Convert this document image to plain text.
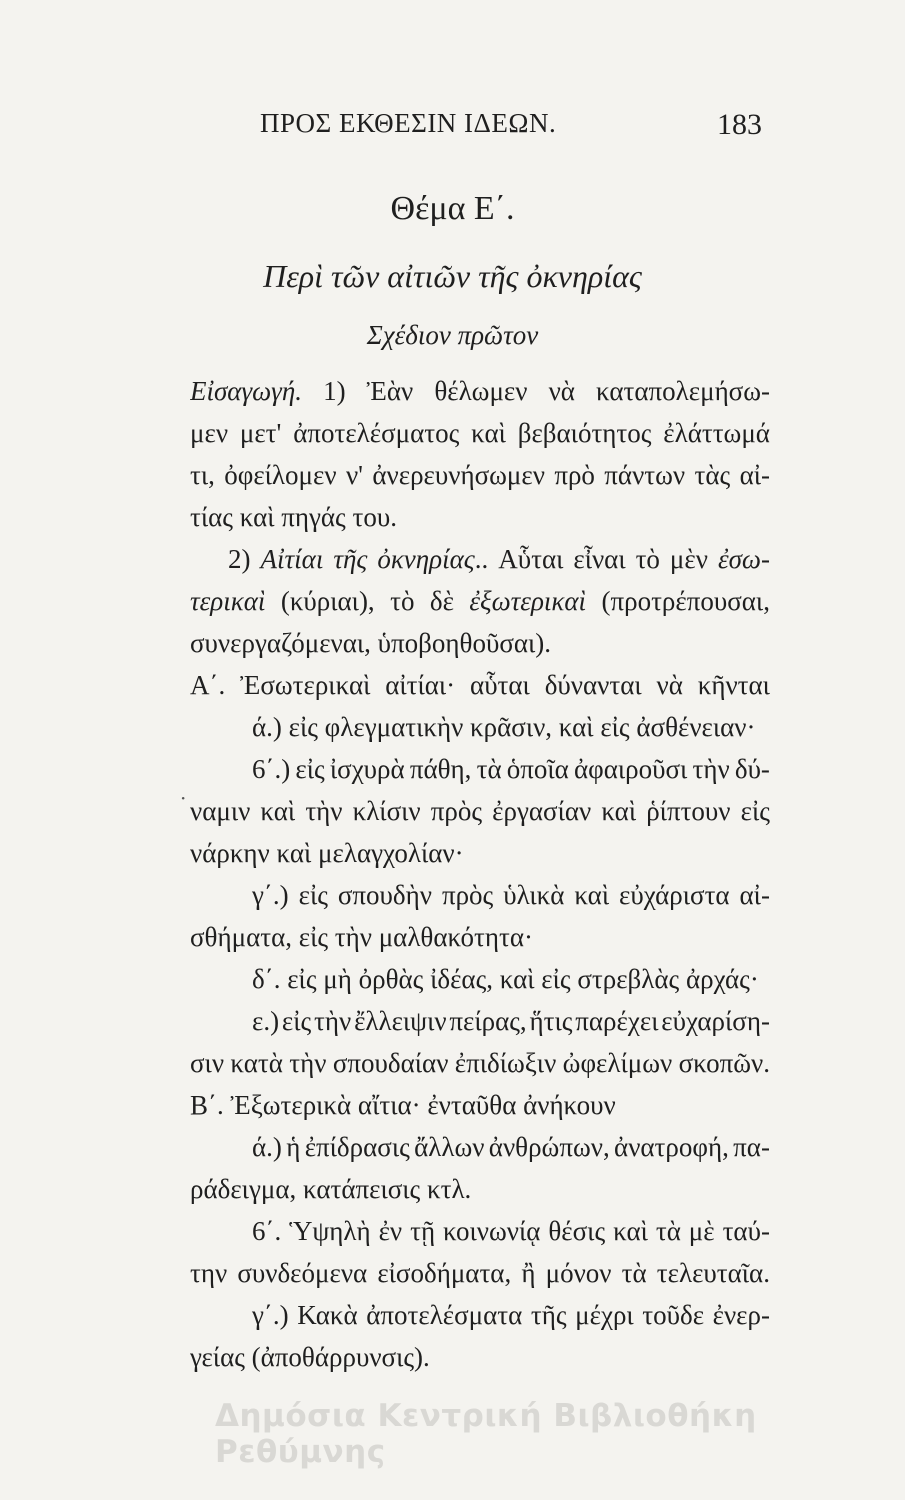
ΠΡΟΣ ΕΚΘΕΣΙΝ ΙΔΕΩΝ.	183
Θέμα Ε΄.
Περὶ τῶν αἰτιῶν τῆς ὀκνηρίας
Σχέδιον πρῶτον
Εἰσαγωγή. 1) Ἐὰν θέλωμεν νὰ καταπολεμήσω-
μεν μετ' ἀποτελέσματος καὶ βεβαιότητος ἐλάττωμά
τι, ὀφείλομεν ν' ἀνερευνήσωμεν πρὸ πάντων τὰς αἰ-
τίας καὶ πηγάς του.
2) Αἰτίαι τῆς ὀκνηρίας.. Αὗται εἶναι τὸ μὲν ἐσω-
τερικαὶ (κύριαι), τὸ δὲ ἐξωτερικαὶ (προτρέπουσαι,
συνεργαζόμεναι, ὑποβοηθοῦσαι).
Α΄. Ἐσωτερικαὶ αἰτίαι· αὗται δύνανται νὰ κῆνται
ά.) εἰς φλεγματικὴν κρᾶσιν, καὶ εἰς ἀσθένειαν·
6΄.) εἰς ἰσχυρὰ πάθη, τὰ ὁποῖα ἀφαιροῦσι τὴν δύ-
ναμιν καὶ τὴν κλίσιν πρὸς ἐργασίαν καὶ ῥίπτουν εἰς
νάρκην καὶ μελαγχολίαν·
γ΄.) εἰς σπουδὴν πρὸς ὑλικὰ καὶ εὐχάριστα αἰ-
σθήματα, εἰς τὴν μαλθακότητα·
δ΄. εἰς μὴ ὀρθὰς ἰδέας, καὶ εἰς στρεβλὰς ἀρχάς·
ε.) εἰς τὴν ἔλλειψιν πείρας, ἥτις παρέχει εὐχαρίση-
σιν κατὰ τὴν σπουδαίαν ἐπιδίωξιν ὠφελίμων σκοπῶν.
Β΄. Ἐξωτερικὰ αἴτια· ἐνταῦθα ἀνήκουν
ά.) ἡ ἐπίδρασις ἄλλων ἀνθρώπων, ἀνατροφή, πα-
ράδειγμα, κατάπεισις κτλ.
6΄. Ὑψηλὴ ἐν τῇ κοινωνίᾳ θέσις καὶ τὰ μὲ ταύ-
την συνδεόμενα εἰσοδήματα, ἢ μόνον τὰ τελευταῖα.
γ΄.) Κακὰ ἀποτελέσματα τῆς μέχρι τοῦδε ἐνερ-
γείας (ἀποθάρρυνσις).
·
Δημόσια Κεντρική Βιβλιοθήκη Ρεθύμνης
